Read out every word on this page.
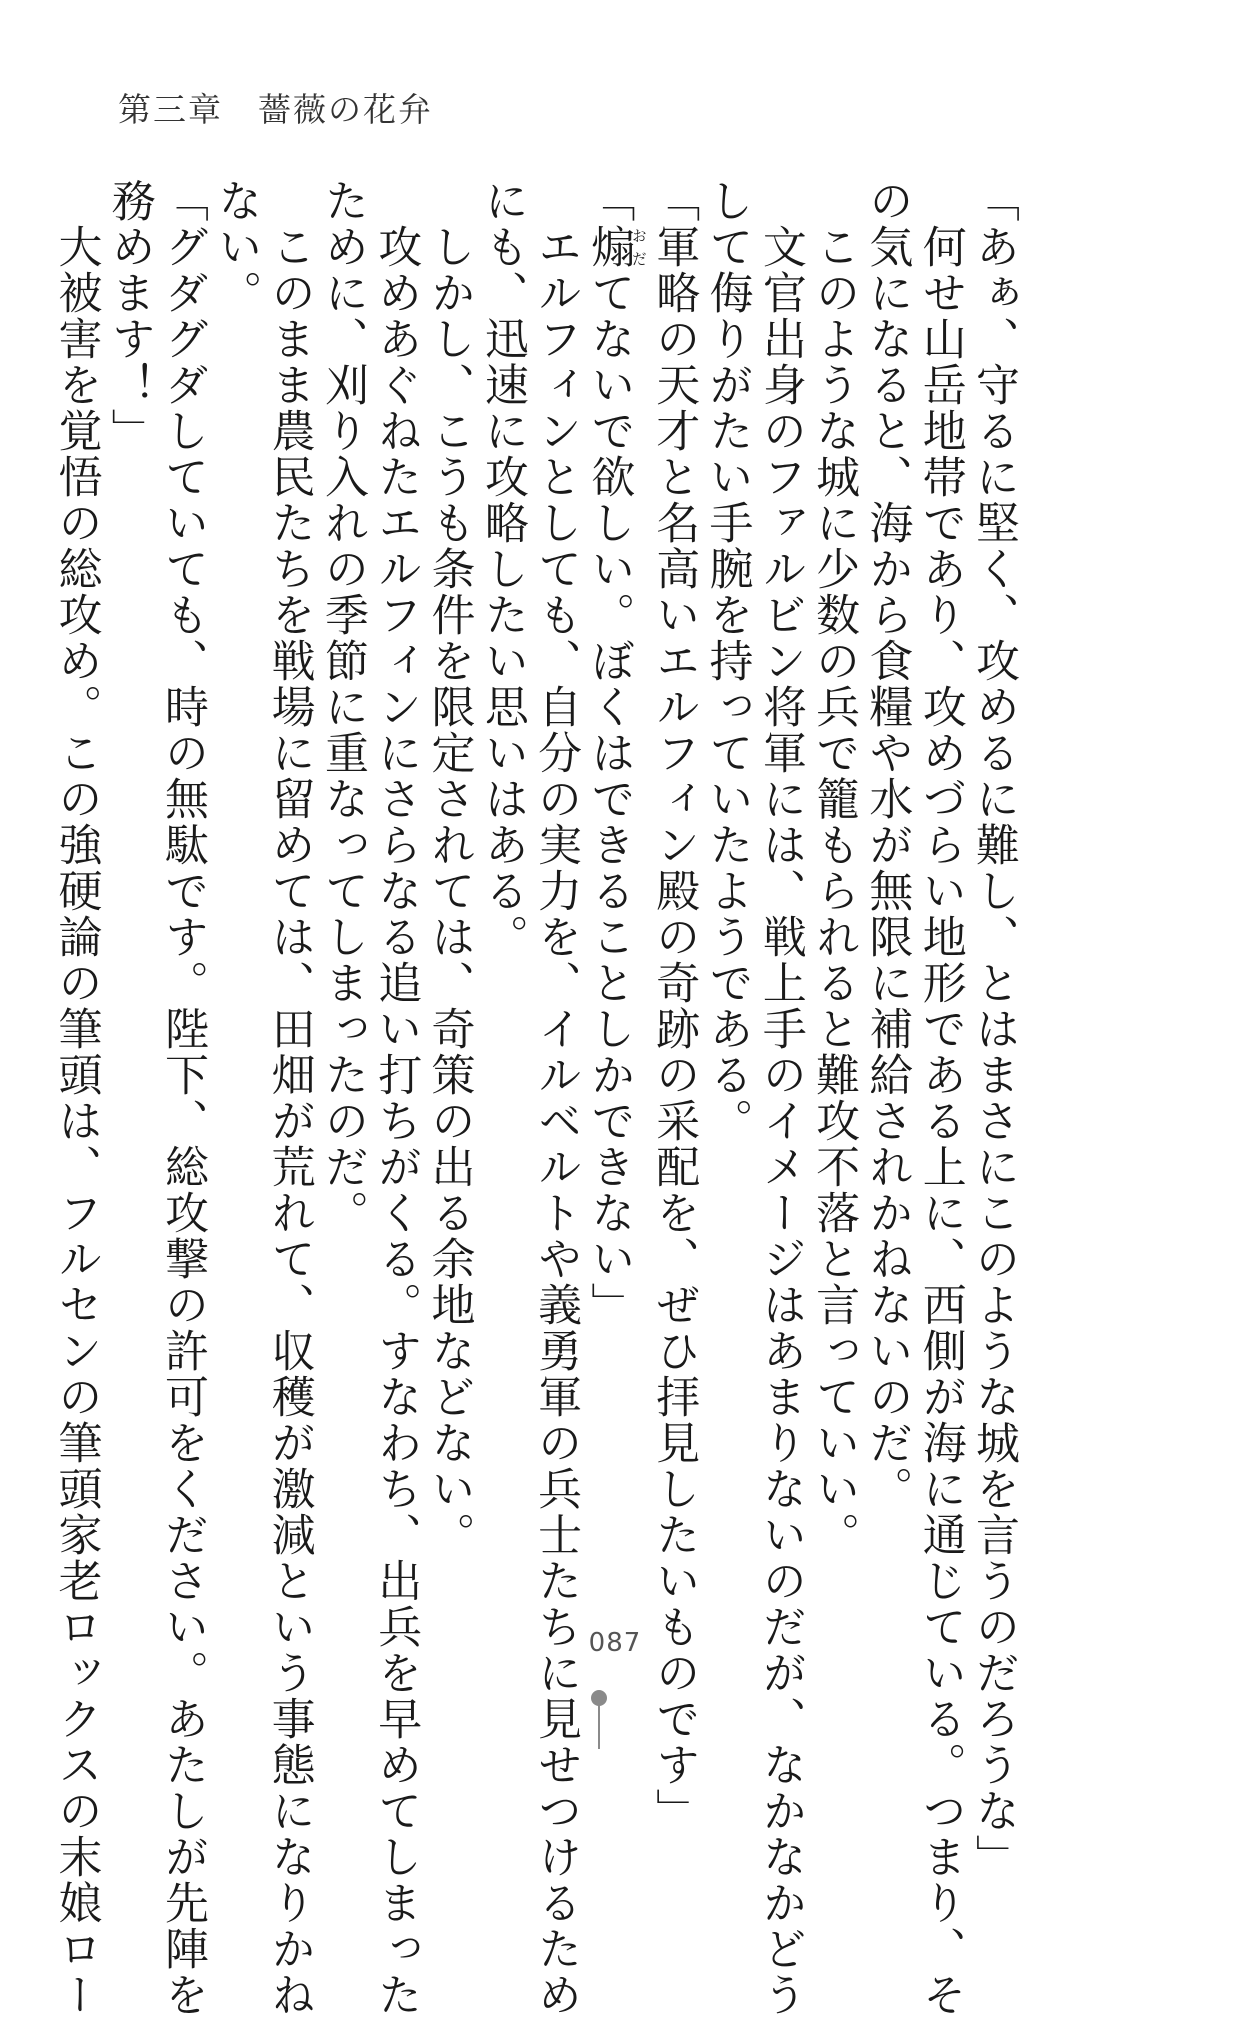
第三章　薔薇の花弁
「あぁ、守るに堅く、攻めるに難し、とはまさにこのような城を言うのだろうな」
　何せ山岳地帯であり、攻めづらい地形である上に、西側が海に通じている。つまり、そ
の気になると、海から食糧や水が無限に補給されかねないのだ。
　このような城に少数の兵で籠もられると難攻不落と言っていい。
　文官出身のファルビン将軍には、戦上手のイメージはあまりないのだが、なかなかどう
して侮りがたい手腕を持っていたようである。
「軍略の天才と名高いエルフィン殿の奇跡の采配を、ぜひ拝見したいものです」
「煽おだてないで欲しい。ぼくはできることしかできない」
　エルフィンとしても、自分の実力を、イルベルトや義勇軍の兵士たちに見せつけるため
にも、迅速に攻略したい思いはある。
　しかし、こうも条件を限定されては、奇策の出る余地などない。
　攻めあぐねたエルフィンにさらなる追い打ちがくる。すなわち、出兵を早めてしまった
ために、刈り入れの季節に重なってしまったのだ。
　このまま農民たちを戦場に留めては、田畑が荒れて、収穫が激減という事態になりかね
ない。
「グダグダしていても、時の無駄です。陛下、総攻撃の許可をください。あたしが先陣を
務めます！」
　大被害を覚悟の総攻め。この強硬論の筆頭は、フルセンの筆頭家老ロックスの末娘ロー	087
